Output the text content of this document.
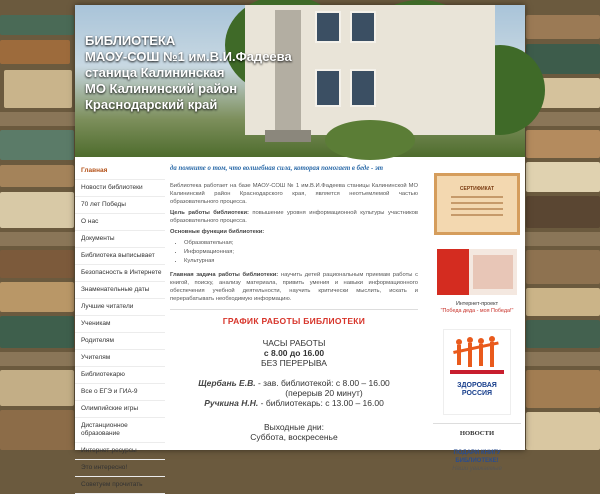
БИБЛИОТЕКА
МАОУ-СОШ №1 им.В.И.Фадеева
станица Калининская
МО Калининский район
Краснодарский край
Главная
Новости библиотеки
70 лет Победы
О нас
Документы
Библиотека выписывает
Безопасность в Интернете
Знаменательные даты
Лучшие читатели
Ученикам
Родителям
Учителям
Библиотекарю
Все о ЕГЭ и ГИА-9
Олимпийские игры
Дистанционное образование
Интернет-ресурсы
Это интересно!
Советуем прочитать
да помните о том, что волшебная сила, которая помогает в беде - эт

Библиотека работает на базе МАОУ-СОШ № 1 им.В.И.Фадеева станицы Калининской МО Калининский район Краснодарского края, является неотъемлемой частью образовательного процесса.

Цель работы библиотеки: повышение уровня информационной культуры участников образовательного процесса.

Основные функции библиотеки:

• Образовательная;
• Информационная;
• Культурная

Главная задача работы библиотеки: научить детей рациональным приемам работы с книгой, поиску, анализу материала, привить умения и навыки информационного обеспечения учебной деятельности, научить критически мыслить, искать и перерабатывать необходимую информацию.

ГРАФИК РАБОТЫ БИБЛИОТЕКИ
ЧАСЫ РАБОТЫ
с 8.00 до 16.00
БЕЗ ПЕРЕРЫВА
Щербань Е.В. - зав. библиотекой: с 8.00 – 16.00
(перерыв 20 минут)
Ручкина Н.Н. - библиотекарь: с 13.00 – 16.00
Выходные дни:
Суббота, воскресенье
СЕРТИФИКАТ
Интернет-проект
"Победа деда - моя Победа!"
ЗДОРОВАЯ
РОССИЯ
НОВОСТИ
ПОДАРИ КНИГУ
БИБЛИОТЕКЕ!
Наши уважаемые
